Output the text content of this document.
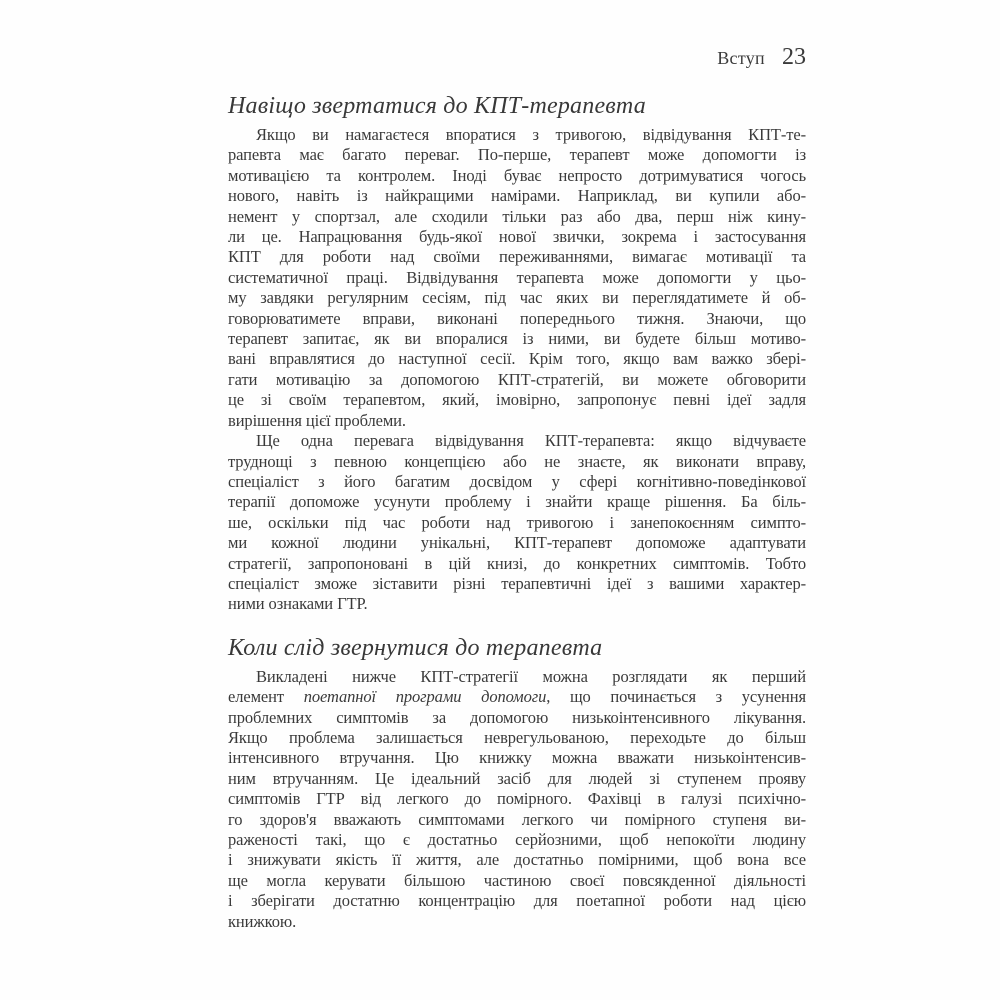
Вступ 23
Навіщо звертатися до КПТ-терапевта
Якщо ви намагаєтеся впоратися з тривогою, відвідування КПТ-те-
рапевта має багато переваг. По-перше, терапевт може допомогти із
мотивацією та контролем. Іноді буває непросто дотримуватися чогось
нового, навіть із найкращими намірами. Наприклад, ви купили або-
немент у спортзал, але сходили тільки раз або два, перш ніж кину-
ли це. Напрацювання будь-якої нової звички, зокрема і застосування
КПТ для роботи над своїми переживаннями, вимагає мотивації та
систематичної праці. Відвідування терапевта може допомогти у цьо-
му завдяки регулярним сесіям, під час яких ви переглядатимете й об-
говорюватимете вправи, виконані попереднього тижня. Знаючи, що
терапевт запитає, як ви впоралися із ними, ви будете більш мотиво-
вані вправлятися до наступної сесії. Крім того, якщо вам важко збері-
гати мотивацію за допомогою КПТ-стратегій, ви можете обговорити
це зі своїм терапевтом, який, імовірно, запропонує певні ідеї задля
вирішення цієї проблеми.
Ще одна перевага відвідування КПТ-терапевта: якщо відчуваєте
труднощі з певною концепцією або не знаєте, як виконати вправу,
спеціаліст з його багатим досвідом у сфері когнітивно-поведінкової
терапії допоможе усунути проблему і знайти краще рішення. Ба біль-
ше, оскільки під час роботи над тривогою і занепокоєнням симпто-
ми кожної людини унікальні, КПТ-терапевт допоможе адаптувати
стратегії, запропоновані в цій книзі, до конкретних симптомів. Тобто
спеціаліст зможе зіставити різні терапевтичні ідеї з вашими характер-
ними ознаками ГТР.
Коли слід звернутися до терапевта
Викладені нижче КПТ-стратегії можна розглядати як перший
елемент поетапної програми допомоги, що починається з усунення
проблемних симптомів за допомогою низькоінтенсивного лікування.
Якщо проблема залишається неврегульованою, переходьте до більш
інтенсивного втручання. Цю книжку можна вважати низькоінтенсив-
ним втручанням. Це ідеальний засіб для людей зі ступенем прояву
симптомів ГТР від легкого до помірного. Фахівці в галузі психічно-
го здоров'я вважають симптомами легкого чи помірного ступеня ви-
раженості такі, що є достатньо серйозними, щоб непокоїти людину
і знижувати якість її життя, але достатньо помірними, щоб вона все
ще могла керувати більшою частиною своєї повсякденної діяльності
і зберігати достатню концентрацію для поетапної роботи над цією
книжкою.
